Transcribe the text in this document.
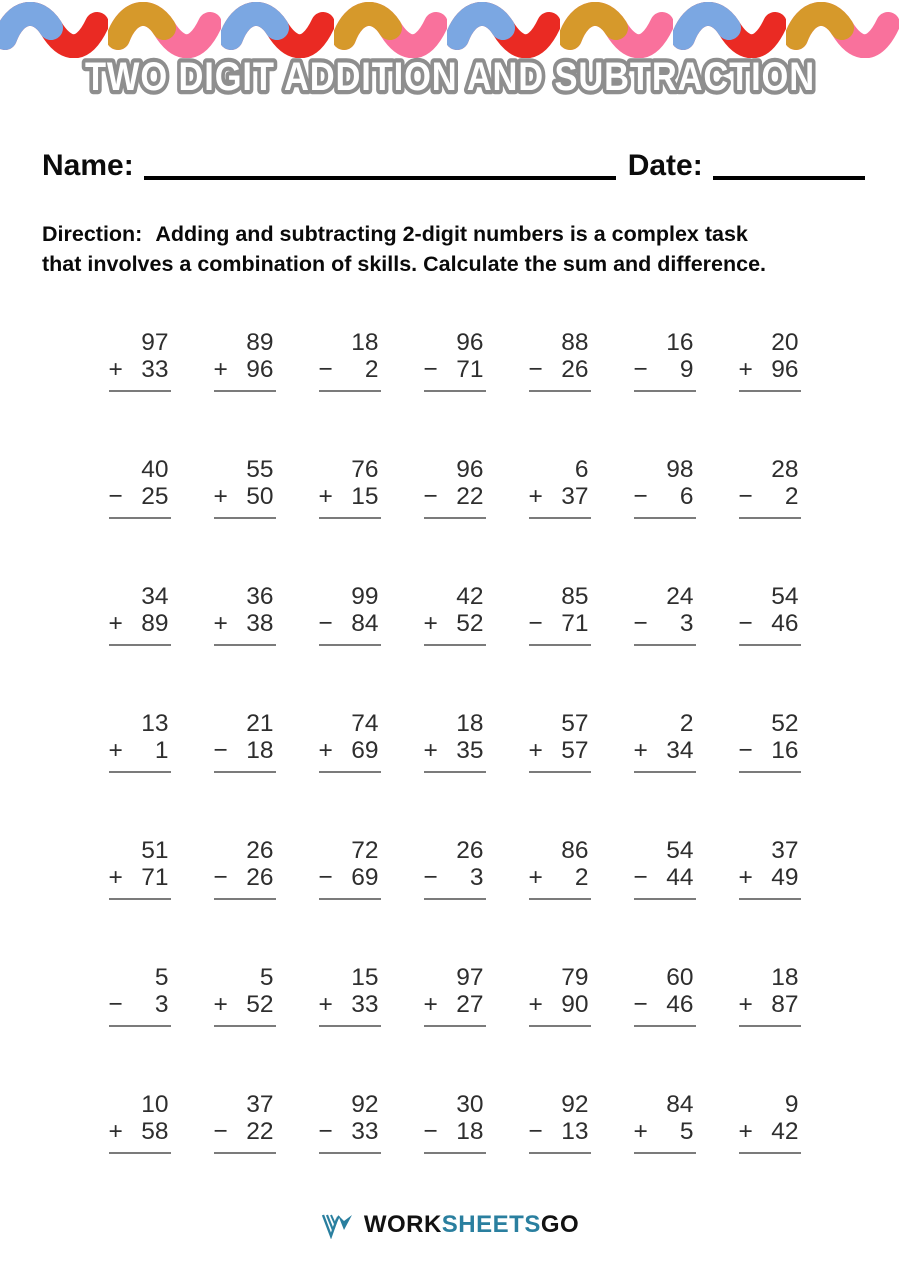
TWO DIGIT ADDITION AND SUBTRACTION
Name:	Date:
Direction: Adding and subtracting 2-digit numbers is a complex task
that involves a combination of skills. Calculate the sum and difference.
97
+ 33
89
+ 96
18
− 2
96
− 71
88
− 26
16
− 9
20
+ 96
40
− 25
55
+ 50
76
+ 15
96
− 22
6
+ 37
98
− 6
28
− 2
34
+ 89
36
+ 38
99
− 84
42
+ 52
85
− 71
24
− 3
54
− 46
13
+ 1
21
− 18
74
+ 69
18
+ 35
57
+ 57
2
+ 34
52
− 16
51
+ 71
26
− 26
72
− 69
26
− 3
86
+ 2
54
− 44
37
+ 49
5
− 3
5
+ 52
15
+ 33
97
+ 27
79
+ 90
60
− 46
18
+ 87
10
+ 58
37
− 22
92
− 33
30
− 18
92
− 13
84
+ 5
9
+ 42
WORKSHEETSGO
